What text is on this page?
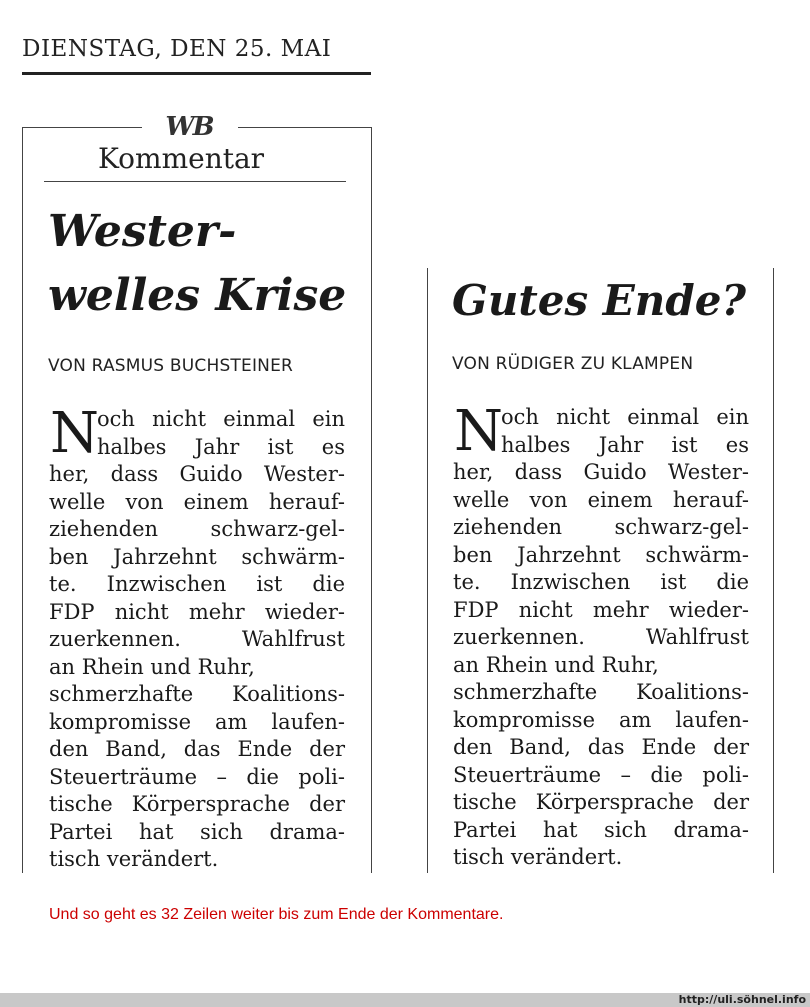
DIENSTAG, DEN 25. MAI
WB
Kommentar
Wester-
welles Krise
VON RASMUS BUCHSTEINER
N
och nicht einmal ein
halbes Jahr ist es
her, dass Guido Wester-
welle von einem herauf-
ziehenden schwarz-gel-
ben Jahrzehnt schwärm-
te. Inzwischen ist die
FDP nicht mehr wieder-
zuerkennen. Wahlfrust
an Rhein und Ruhr,
schmerzhafte Koalitions-
kompromisse am laufen-
den Band, das Ende der
Steuerträume – die poli-
tische Körpersprache der
Partei hat sich drama-
tisch verändert.
Gutes Ende?
VON RÜDIGER ZU KLAMPEN
N
och nicht einmal ein
halbes Jahr ist es
her, dass Guido Wester-
welle von einem herauf-
ziehenden schwarz-gel-
ben Jahrzehnt schwärm-
te. Inzwischen ist die
FDP nicht mehr wieder-
zuerkennen. Wahlfrust
an Rhein und Ruhr,
schmerzhafte Koalitions-
kompromisse am laufen-
den Band, das Ende der
Steuerträume – die poli-
tische Körpersprache der
Partei hat sich drama-
tisch verändert.
Und so geht es 32 Zeilen weiter bis zum Ende der Kommentare.
http://uli.söhnel.info
